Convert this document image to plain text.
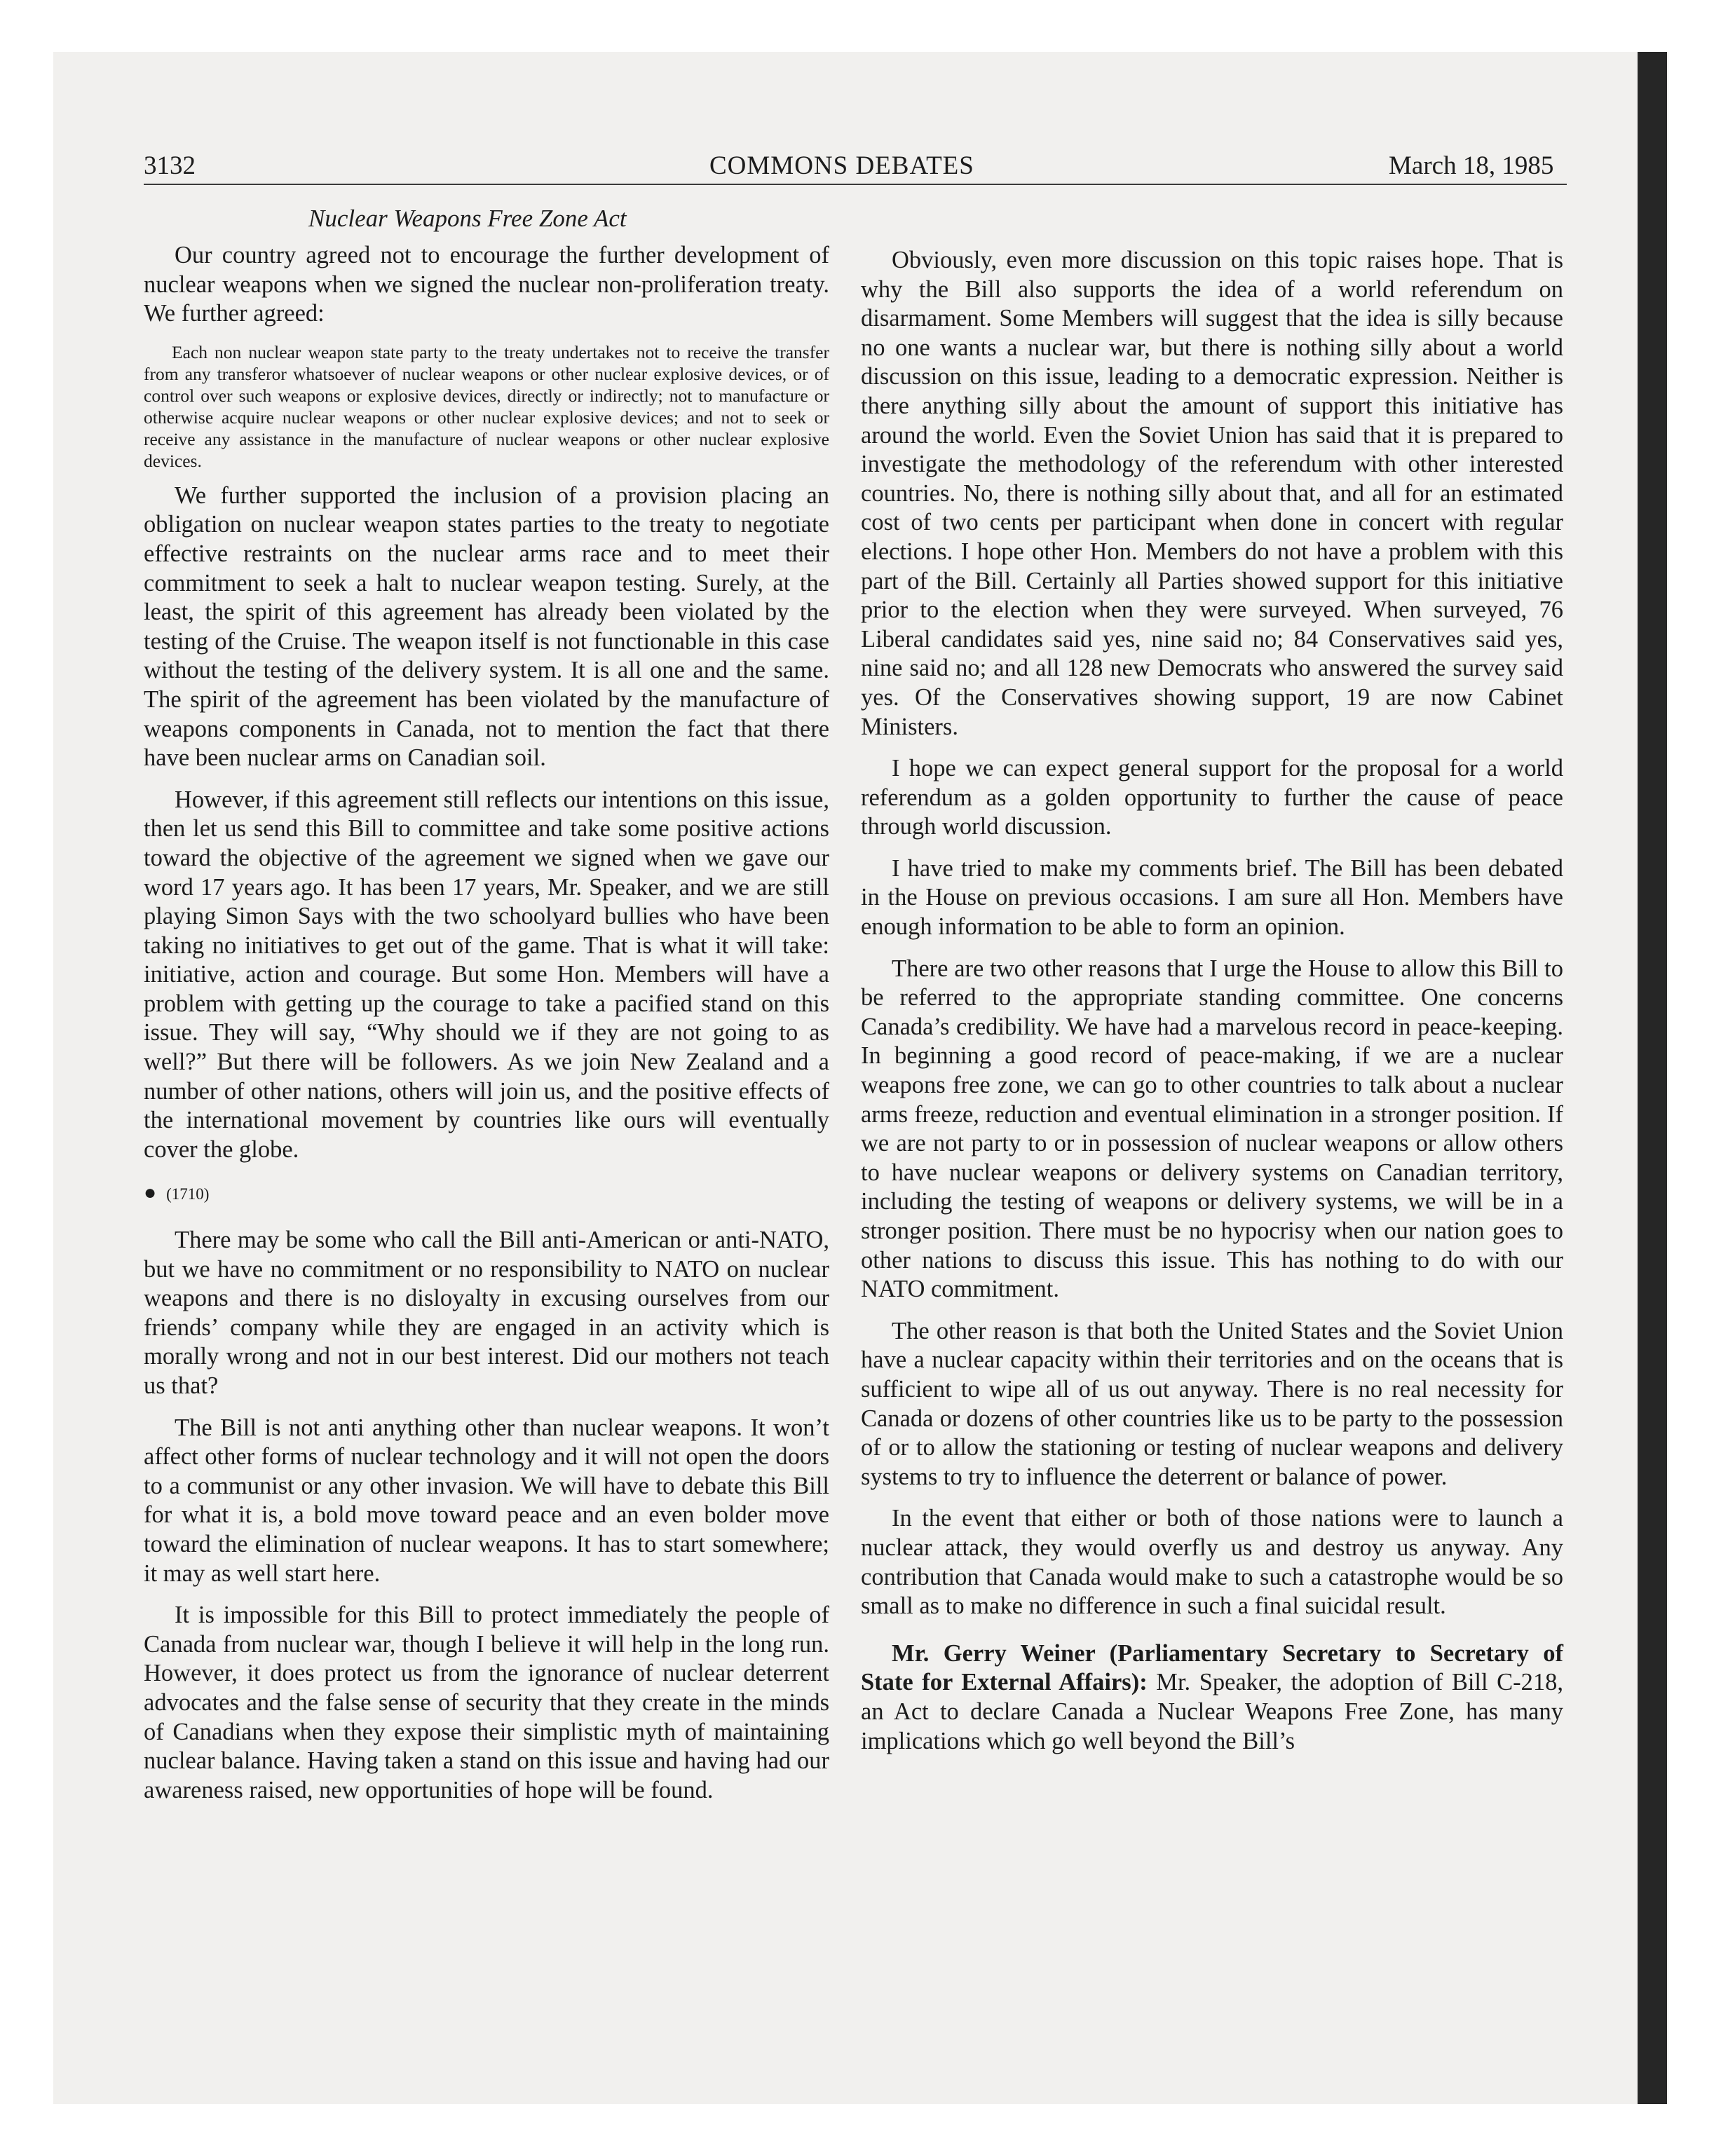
3132	COMMONS DEBATES	March 18, 1985
Nuclear Weapons Free Zone Act

Our country agreed not to encourage the further development of nuclear weapons when we signed the nuclear non-proliferation treaty. We further agreed:

Each non nuclear weapon state party to the treaty undertakes not to receive the transfer from any transferor whatsoever of nuclear weapons or other nuclear explosive devices, or of control over such weapons or explosive devices, directly or indirectly; not to manufacture or otherwise acquire nuclear weapons or other nuclear explosive devices; and not to seek or receive any assistance in the manufacture of nuclear weapons or other nuclear explosive devices.

We further supported the inclusion of a provision placing an obligation on nuclear weapon states parties to the treaty to negotiate effective restraints on the nuclear arms race and to meet their commitment to seek a halt to nuclear weapon testing. Surely, at the least, the spirit of this agreement has already been violated by the testing of the Cruise. The weapon itself is not functionable in this case without the testing of the delivery system. It is all one and the same. The spirit of the agreement has been violated by the manufacture of weapons components in Canada, not to mention the fact that there have been nuclear arms on Canadian soil.

However, if this agreement still reflects our intentions on this issue, then let us send this Bill to committee and take some positive actions toward the objective of the agreement we signed when we gave our word 17 years ago. It has been 17 years, Mr. Speaker, and we are still playing Simon Says with the two schoolyard bullies who have been taking no initiatives to get out of the game. That is what it will take: initiative, action and courage. But some Hon. Members will have a problem with getting up the courage to take a pacified stand on this issue. They will say, “Why should we if they are not going to as well?” But there will be followers. As we join New Zealand and a number of other nations, others will join us, and the positive effects of the international movement by countries like ours will eventually cover the globe.

● (1710)

There may be some who call the Bill anti-American or anti-NATO, but we have no commitment or no responsibility to NATO on nuclear weapons and there is no disloyalty in excusing ourselves from our friends’ company while they are engaged in an activity which is morally wrong and not in our best interest. Did our mothers not teach us that?

The Bill is not anti anything other than nuclear weapons. It won’t affect other forms of nuclear technology and it will not open the doors to a communist or any other invasion. We will have to debate this Bill for what it is, a bold move toward peace and an even bolder move toward the elimination of nuclear weapons. It has to start somewhere; it may as well start here.

It is impossible for this Bill to protect immediately the people of Canada from nuclear war, though I believe it will help in the long run. However, it does protect us from the ignorance of nuclear deterrent advocates and the false sense of security that they create in the minds of Canadians when they expose their simplistic myth of maintaining nuclear balance. Having taken a stand on this issue and having had our awareness raised, new opportunities of hope will be found.

Obviously, even more discussion on this topic raises hope. That is why the Bill also supports the idea of a world referendum on disarmament. Some Members will suggest that the idea is silly because no one wants a nuclear war, but there is nothing silly about a world discussion on this issue, leading to a democratic expression. Neither is there anything silly about the amount of support this initiative has around the world. Even the Soviet Union has said that it is prepared to investigate the methodology of the referendum with other interested countries. No, there is nothing silly about that, and all for an estimated cost of two cents per participant when done in concert with regular elections. I hope other Hon. Members do not have a problem with this part of the Bill. Certainly all Parties showed support for this initiative prior to the election when they were surveyed. When surveyed, 76 Liberal candidates said yes, nine said no; 84 Conservatives said yes, nine said no; and all 128 new Democrats who answered the survey said yes. Of the Conservatives showing support, 19 are now Cabinet Ministers.

I hope we can expect general support for the proposal for a world referendum as a golden opportunity to further the cause of peace through world discussion.

I have tried to make my comments brief. The Bill has been debated in the House on previous occasions. I am sure all Hon. Members have enough information to be able to form an opinion.

There are two other reasons that I urge the House to allow this Bill to be referred to the appropriate standing committee. One concerns Canada’s credibility. We have had a marvelous record in peace-keeping. In beginning a good record of peace-making, if we are a nuclear weapons free zone, we can go to other countries to talk about a nuclear arms freeze, reduction and eventual elimination in a stronger position. If we are not party to or in possession of nuclear weapons or allow others to have nuclear weapons or delivery systems on Canadian territory, including the testing of weapons or delivery systems, we will be in a stronger position. There must be no hypocrisy when our nation goes to other nations to discuss this issue. This has nothing to do with our NATO commitment.

The other reason is that both the United States and the Soviet Union have a nuclear capacity within their territories and on the oceans that is sufficient to wipe all of us out anyway. There is no real necessity for Canada or dozens of other countries like us to be party to the possession of or to allow the stationing or testing of nuclear weapons and delivery systems to try to influence the deterrent or balance of power.

In the event that either or both of those nations were to launch a nuclear attack, they would overfly us and destroy us anyway. Any contribution that Canada would make to such a catastrophe would be so small as to make no difference in such a final suicidal result.

Mr. Gerry Weiner (Parliamentary Secretary to Secretary of State for External Affairs): Mr. Speaker, the adoption of Bill C-218, an Act to declare Canada a Nuclear Weapons Free Zone, has many implications which go well beyond the Bill’s
